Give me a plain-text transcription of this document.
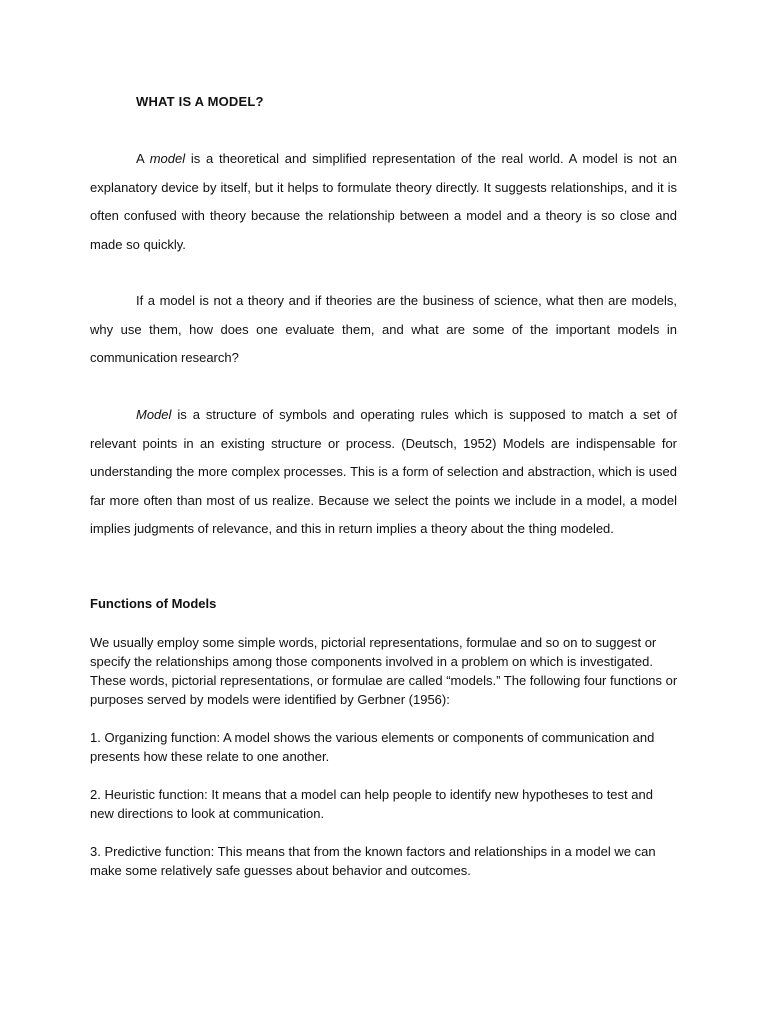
WHAT IS A MODEL?

A model is a theoretical and simplified representation of the real world. A model is not an explanatory device by itself, but it helps to formulate theory directly. It suggests relationships, and it is often confused with theory because the relationship between a model and a theory is so close and made so quickly.

If a model is not a theory and if theories are the business of science, what then are models, why use them, how does one evaluate them, and what are some of the important models in communication research?

Model is a structure of symbols and operating rules which is supposed to match a set of relevant points in an existing structure or process. (Deutsch, 1952) Models are indispensable for understanding the more complex processes. This is a form of selection and abstraction, which is used far more often than most of us realize. Because we select the points we include in a model, a model implies judgments of relevance, and this in return implies a theory about the thing modeled.

Functions of Models

We usually employ some simple words, pictorial representations, formulae and so on to suggest or specify the relationships among those components involved in a problem on which is investigated. These words, pictorial representations, or formulae are called “models.” The following four functions or purposes served by models were identified by Gerbner (1956):

1. Organizing function: A model shows the various elements or components of communication and presents how these relate to one another.

2. Heuristic function: It means that a model can help people to identify new hypotheses to test and new directions to look at communication.

3. Predictive function: This means that from the known factors and relationships in a model we can make some relatively safe guesses about behavior and outcomes.
